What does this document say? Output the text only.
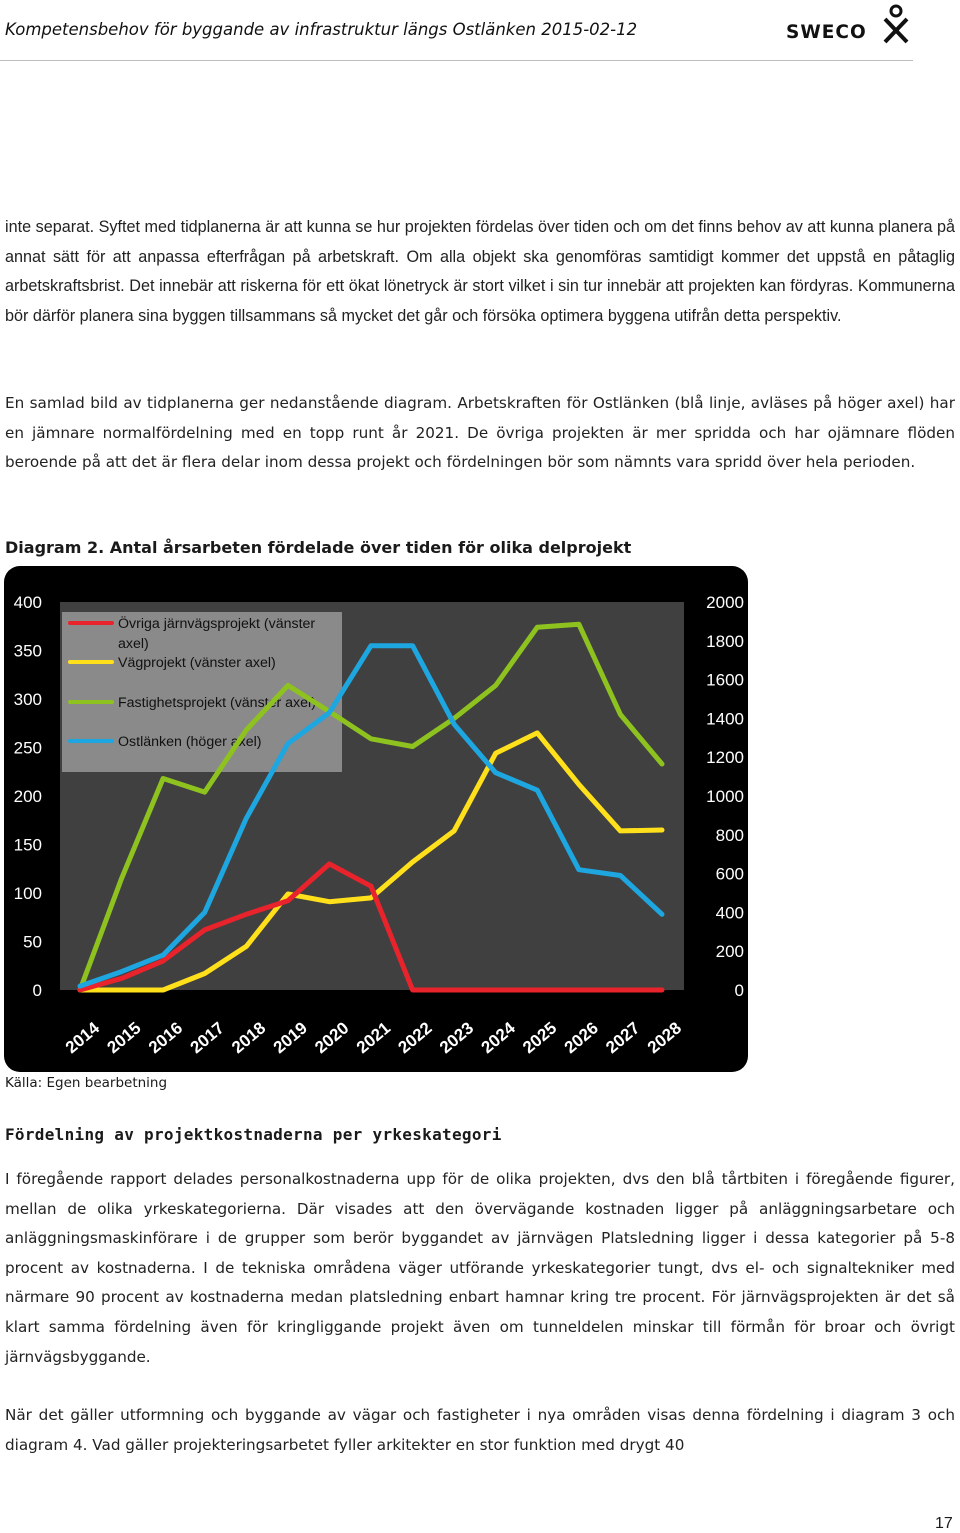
Kompetensbehov för byggande av infrastruktur längs Ostlänken 2015-02-12	SWECO

inte separat. Syftet med tidplanerna är att kunna se hur projekten fördelas över tiden och om det finns behov av att kunna planera på annat sätt för att anpassa efterfrågan på arbetskraft. Om alla objekt ska genomföras samtidigt kommer det uppstå en påtaglig arbetskraftsbrist. Det innebär att riskerna för ett ökat lönetryck är stort vilket i sin tur innebär att projekten kan fördyras. Kommunerna bör därför planera sina byggen tillsammans så mycket det går och försöka optimera byggena utifrån detta perspektiv.

En samlad bild av tidplanerna ger nedanstående diagram. Arbetskraften för Ostlänken (blå linje, avläses på höger axel) har en jämnare normalfördelning med en topp runt år 2021. De övriga projekten är mer spridda och har ojämnare flöden beroende på att det är flera delar inom dessa projekt och fördelningen bör som nämnts vara spridd över hela perioden.

Diagram 2. Antal årsarbeten fördelade över tiden för olika delprojekt
0
50
100
150
200
250
300
350
400
0
200
400
600
800
1000
1200
1400
1600
1800
2000
2014 2015 2016 2017 2018 2019 2020 2021 2022 2023 2024 2025 2026 2027 2028
Övriga järnvägsprojekt (vänster axel)
Vägprojekt (vänster axel)
Fastighetsprojekt (vänster axel)
Ostlänken (höger axel)
Källa: Egen bearbetning
Fördelning av projektkostnaderna per yrkeskategori

I föregående rapport delades personalkostnaderna upp för de olika projekten, dvs den blå tårtbiten i föregående figurer, mellan de olika yrkeskategorierna. Där visades att den övervägande kostnaden ligger på anläggningsarbetare och anläggningsmaskinförare i de grupper som berör byggandet av järnvägen Platsledning ligger i dessa kategorier på 5-8 procent av kostnaderna. I de tekniska områdena väger utförande yrkeskategorier tungt, dvs el- och signaltekniker med närmare 90 procent av kostnaderna medan platsledning enbart hamnar kring tre procent. För järnvägsprojekten är det så klart samma fördelning även för kringliggande projekt även om tunneldelen minskar till förmån för broar och övrigt järnvägsbyggande.

När det gäller utformning och byggande av vägar och fastigheter i nya områden visas denna fördelning i diagram 3 och diagram 4. Vad gäller projekteringsarbetet fyller arkitekter en stor funktion med drygt 40

17
